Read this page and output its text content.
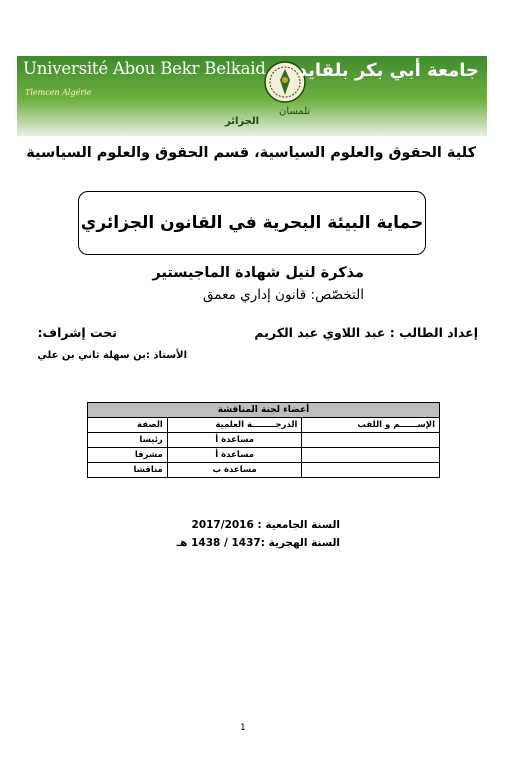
Université Abou Bekr Belkaid
Tlemcen Algérie
جامعة أبي بكر بلقايد
تلمسان
الجزائر
كلية الحقوق والعلوم السياسية، قسم الحقوق والعلوم السياسية
حماية البيئة البحرية في القانون الجزائري
مذكرة لنيل شهادة الماجيستير
التخصّص: قانون إداري معمق
إعداد الطالب : عبد اللاوي عبد الكريم
تحت إشراف:
الأستاذ :بن سهلة ثاني بن علي
أعضاء لجنة المناقشة		
الإســــــم و اللقب	الدرجــــــــة العلمية	الصفة
	مساعدة أ	رئيسا
	مساعدة أ	مشرفا
	مساعدة ب	مناقشا
السنة الجامعية : 2017/2016
السنة الهجرية :1437 / 1438 هـ
1
